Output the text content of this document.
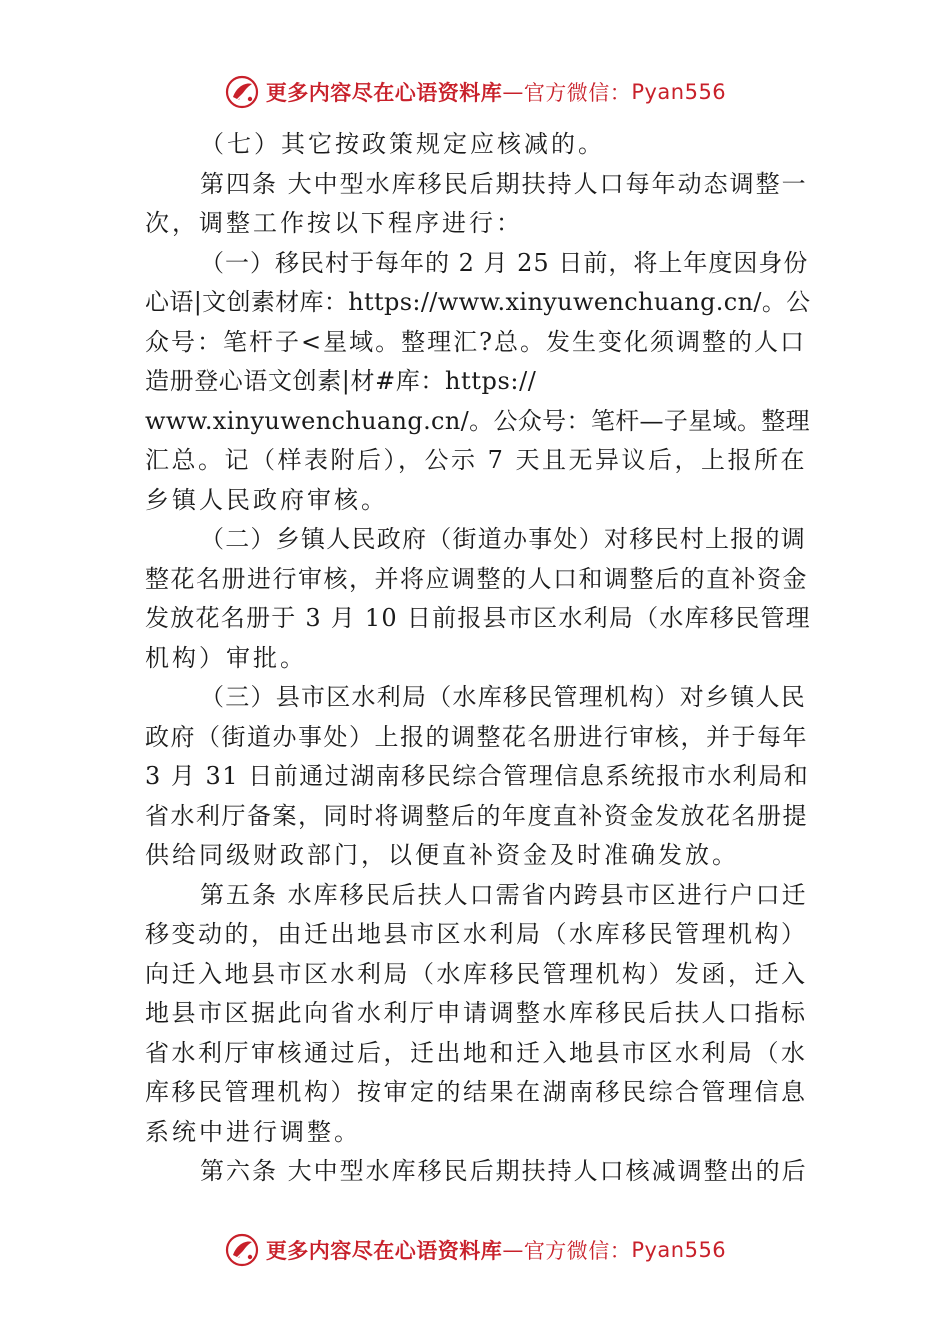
更多内容尽在心语资料库 — 官方微信： Pyan556
（七）其它按政策规定应核减的。
第四条 大中型水库移民后期扶持人口每年动态调整一
次，调整工作按以下程序进行：
（一）移民村于每年的 2 月 25 日前，将上年度因身份
心语|文创素材库：https://www.xinyuwenchuang.cn/。公
众号：笔杆子<星域。整理汇?总。发生变化须调整的人口
造册登心语文创素|材#库：https://
www.xinyuwenchuang.cn/。公众号：笔杆—子星域。整理
汇总。记（样表附后），公示 7 天且无异议后，上报所在
乡镇人民政府审核。
（二）乡镇人民政府（街道办事处）对移民村上报的调
整花名册进行审核，并将应调整的人口和调整后的直补资金
发放花名册于 3 月 10 日前报县市区水利局（水库移民管理
机构）审批。
（三）县市区水利局（水库移民管理机构）对乡镇人民
政府（街道办事处）上报的调整花名册进行审核，并于每年
3 月 31 日前通过湖南移民综合管理信息系统报市水利局和
省水利厅备案，同时将调整后的年度直补资金发放花名册提
供给同级财政部门，以便直补资金及时准确发放。
第五条 水库移民后扶人口需省内跨县市区进行户口迁
移变动的，由迁出地县市区水利局（水库移民管理机构）
向迁入地县市区水利局（水库移民管理机构）发函，迁入
地县市区据此向省水利厅申请调整水库移民后扶人口指标
省水利厅审核通过后，迁出地和迁入地县市区水利局（水
库移民管理机构）按审定的结果在湖南移民综合管理信息
系统中进行调整。
第六条 大中型水库移民后期扶持人口核减调整出的后
更多内容尽在心语资料库 — 官方微信： Pyan556
